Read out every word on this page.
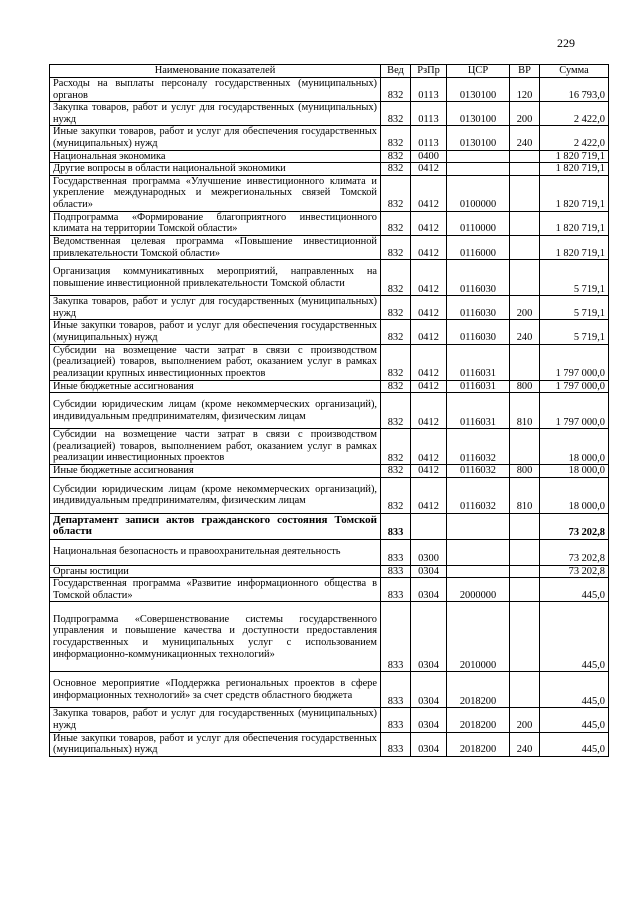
229
Наименование показателей	Вед	РзПр	ЦСР	ВР	Сумма
Расходы на выплаты персоналу государственных (муниципальных) органов	832	0113	0130100	120	16 793,0
Закупка товаров, работ и услуг для государственных (муниципальных) нужд	832	0113	0130100	200	2 422,0
Иные закупки товаров, работ и услуг для обеспечения государственных (муниципальных) нужд	832	0113	0130100	240	2 422,0
Национальная экономика	832	0400			1 820 719,1
Другие вопросы в области национальной экономики	832	0412			1 820 719,1
Государственная программа «Улучшение инвестиционного климата и укрепление международных и межрегиональных связей Томской области»	832	0412	0100000		1 820 719,1
Подпрограмма «Формирование благоприятного инвестиционного климата на территории Томской области»	832	0412	0110000		1 820 719,1
Ведомственная целевая программа «Повышение инвестиционной привлекательности Томской области»	832	0412	0116000		1 820 719,1
Организация коммуникативных мероприятий, направленных на повышение инвестиционной привлекательности Томской области	832	0412	0116030		5 719,1
Закупка товаров, работ и услуг для государственных (муниципальных) нужд	832	0412	0116030	200	5 719,1
Иные закупки товаров, работ и услуг для обеспечения государственных (муниципальных) нужд	832	0412	0116030	240	5 719,1
Субсидии на возмещение части затрат в связи с производством (реализацией) товаров, выполнением работ, оказанием услуг в рамках реализации крупных инвестиционных проектов	832	0412	0116031		1 797 000,0
Иные бюджетные ассигнования	832	0412	0116031	800	1 797 000,0
Субсидии юридическим лицам (кроме некоммерческих организаций), индивидуальным предпринимателям, физическим лицам	832	0412	0116031	810	1 797 000,0
Субсидии на возмещение части затрат в связи с производством (реализацией) товаров, выполнением работ, оказанием услуг в рамках реализации инвестиционных проектов	832	0412	0116032		18 000,0
Иные бюджетные ассигнования	832	0412	0116032	800	18 000,0
Субсидии юридическим лицам (кроме некоммерческих организаций), индивидуальным предпринимателям, физическим лицам	832	0412	0116032	810	18 000,0
Департамент записи актов гражданского состояния Томской области	833				73 202,8
Национальная безопасность и правоохранительная деятельность	833	0300			73 202,8
Органы юстиции	833	0304			73 202,8
Государственная программа «Развитие информационного общества в Томской области»	833	0304	2000000		445,0
Подпрограмма «Совершенствование системы государственного управления и повышение качества и доступности предоставления государственных и муниципальных услуг с использованием информационно-коммуникационных технологий»	833	0304	2010000		445,0
Основное мероприятие «Поддержка региональных проектов в сфере информационных технологий» за счет средств областного бюджета	833	0304	2018200		445,0
Закупка товаров, работ и услуг для государственных (муниципальных) нужд	833	0304	2018200	200	445,0
Иные закупки товаров, работ и услуг для обеспечения государственных (муниципальных) нужд	833	0304	2018200	240	445,0
